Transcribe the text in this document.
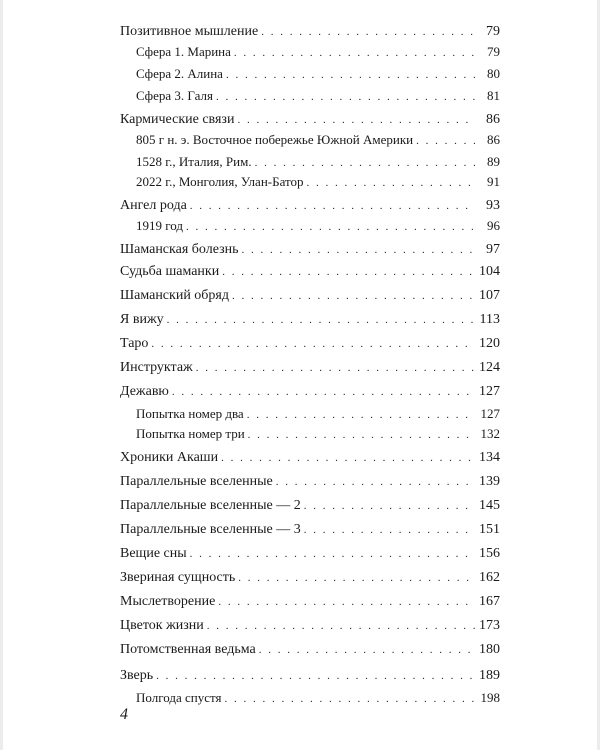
Позитивное мышление . . .	79
Сфера 1. Марина . . .	79
Сфера 2. Алина . . .	80
Сфера 3. Галя . . .	81
Кармические связи . . .	86
805 г н. э. Восточное побережье Южной Америки . . .	86
1528 г., Италия, Рим. . . .	89
2022 г., Монголия, Улан-Батор . . .	91
Ангел рода . . .	93
1919 год . . .	96
Шаманская болезнь . . .	97
Судьба шаманки . . .	104
Шаманский обряд . . .	107
Я вижу . . .	113
Таро . . .	120
Инструктаж . . .	124
Дежавю . . .	127
Попытка номер два . . .	127
Попытка номер три . . .	132
Хроники Акаши . . .	134
Параллельные вселенные . . .	139
Параллельные вселенные — 2 . . .	145
Параллельные вселенные — 3 . . .	151
Вещие сны . . .	156
Звериная сущность . . .	162
Мыслетворение . . .	167
Цветок жизни . . .	173
Потомственная ведьма . . .	180
Зверь . . .	189
Полгода спустя . . .	198
4
